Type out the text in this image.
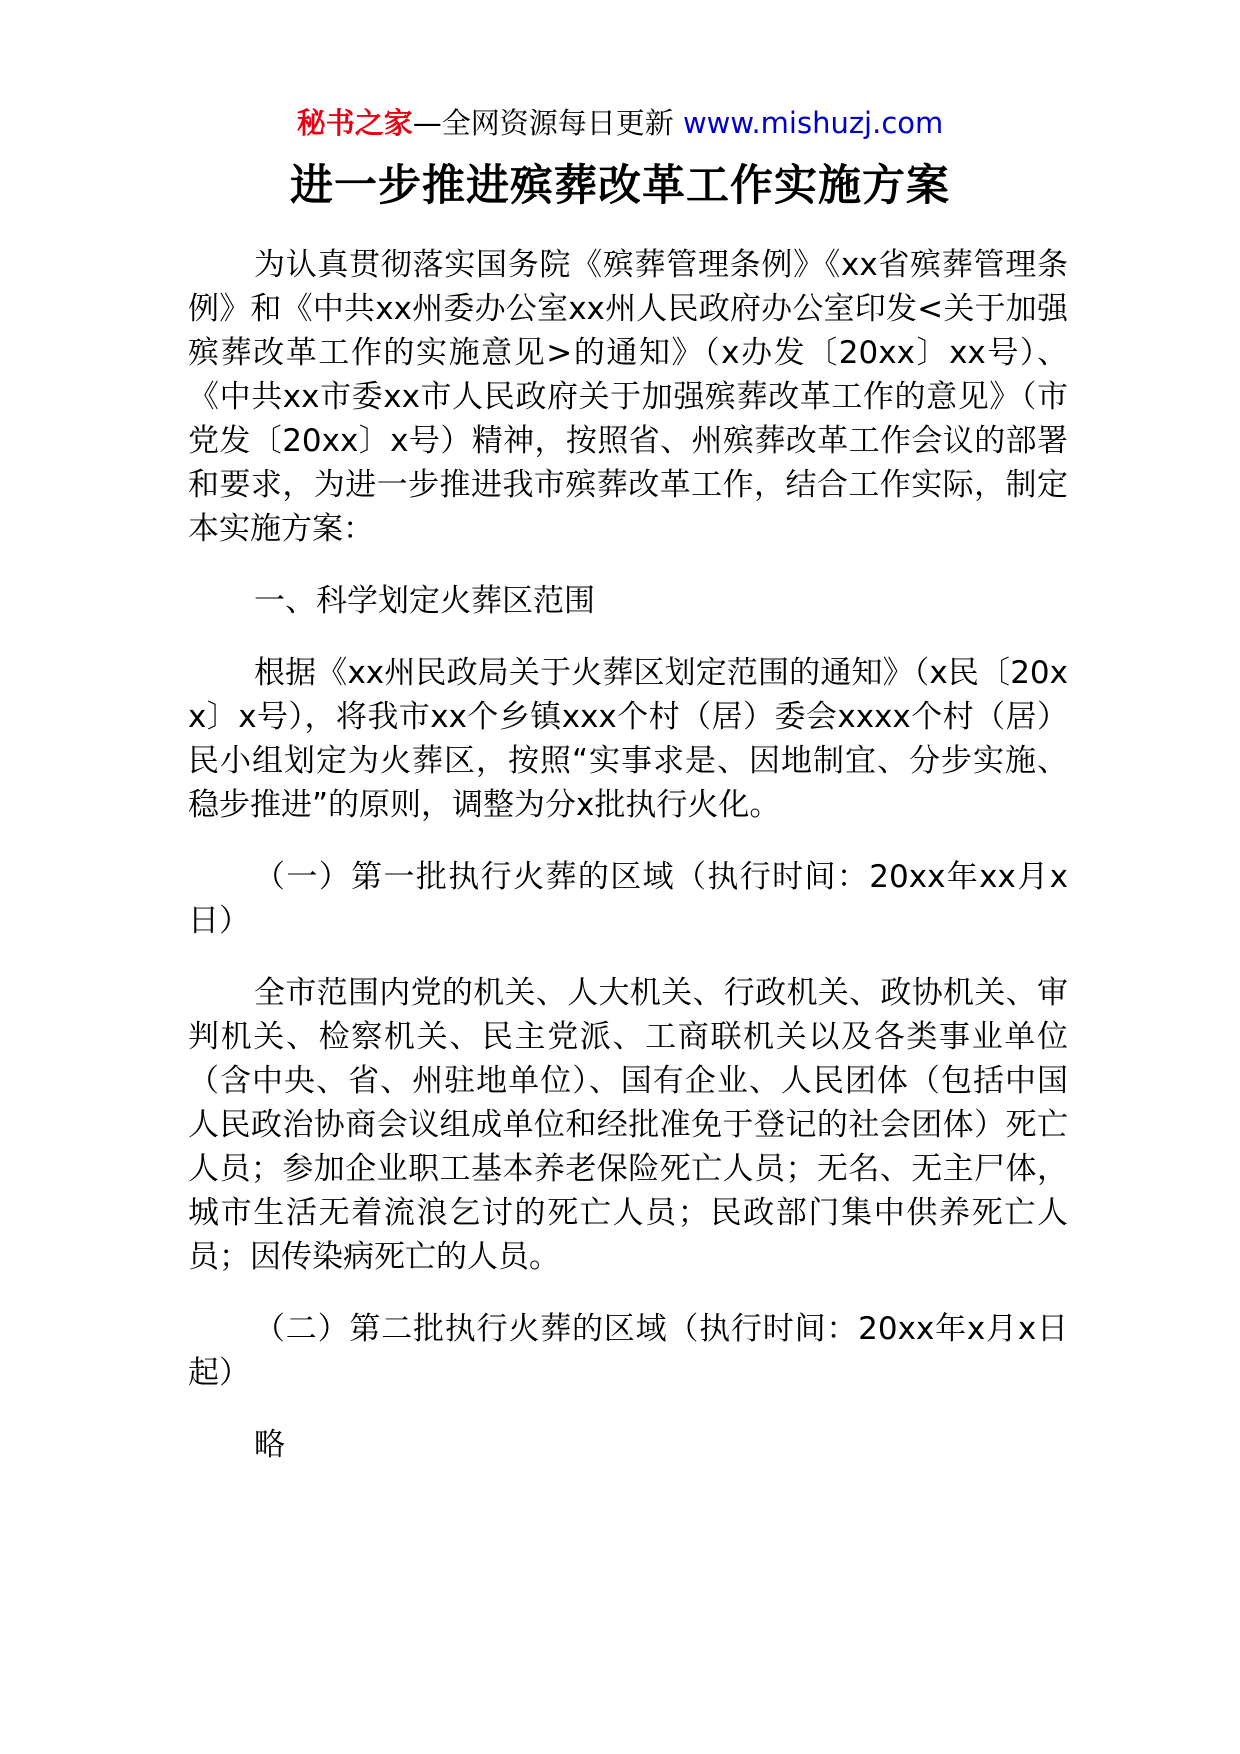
秘书之家—全网资源每日更新 www.mishuzj.com
进一步推进殡葬改革工作实施方案

为认真贯彻落实国务院《殡葬管理条例》《xx省殡葬管理条例》和《中共xx州委办公室xx州人民政府办公室印发<关于加强殡葬改革工作的实施意见>的通知》（x办发〔20xx〕xx号）、《中共xx市委xx市人民政府关于加强殡葬改革工作的意见》（市党发〔20xx〕x号）精神，按照省、州殡葬改革工作会议的部署和要求，为进一步推进我市殡葬改革工作，结合工作实际，制定本实施方案：

一、科学划定火葬区范围

根据《xx州民政局关于火葬区划定范围的通知》（x民〔20xx〕x号），将我市xx个乡镇xxx个村（居）委会xxxx个村（居）民小组划定为火葬区，按照“实事求是、因地制宜、分步实施、稳步推进”的原则，调整为分x批执行火化。

（一）第一批执行火葬的区域（执行时间：20xx年xx月x日）

全市范围内党的机关、人大机关、行政机关、政协机关、审判机关、检察机关、民主党派、工商联机关以及各类事业单位（含中央、省、州驻地单位）、国有企业、人民团体（包括中国人民政治协商会议组成单位和经批准免于登记的社会团体）死亡人员；参加企业职工基本养老保险死亡人员；无名、无主尸体，城市生活无着流浪乞讨的死亡人员；民政部门集中供养死亡人员；因传染病死亡的人员。

（二）第二批执行火葬的区域（执行时间：20xx年x月x日起）

略
